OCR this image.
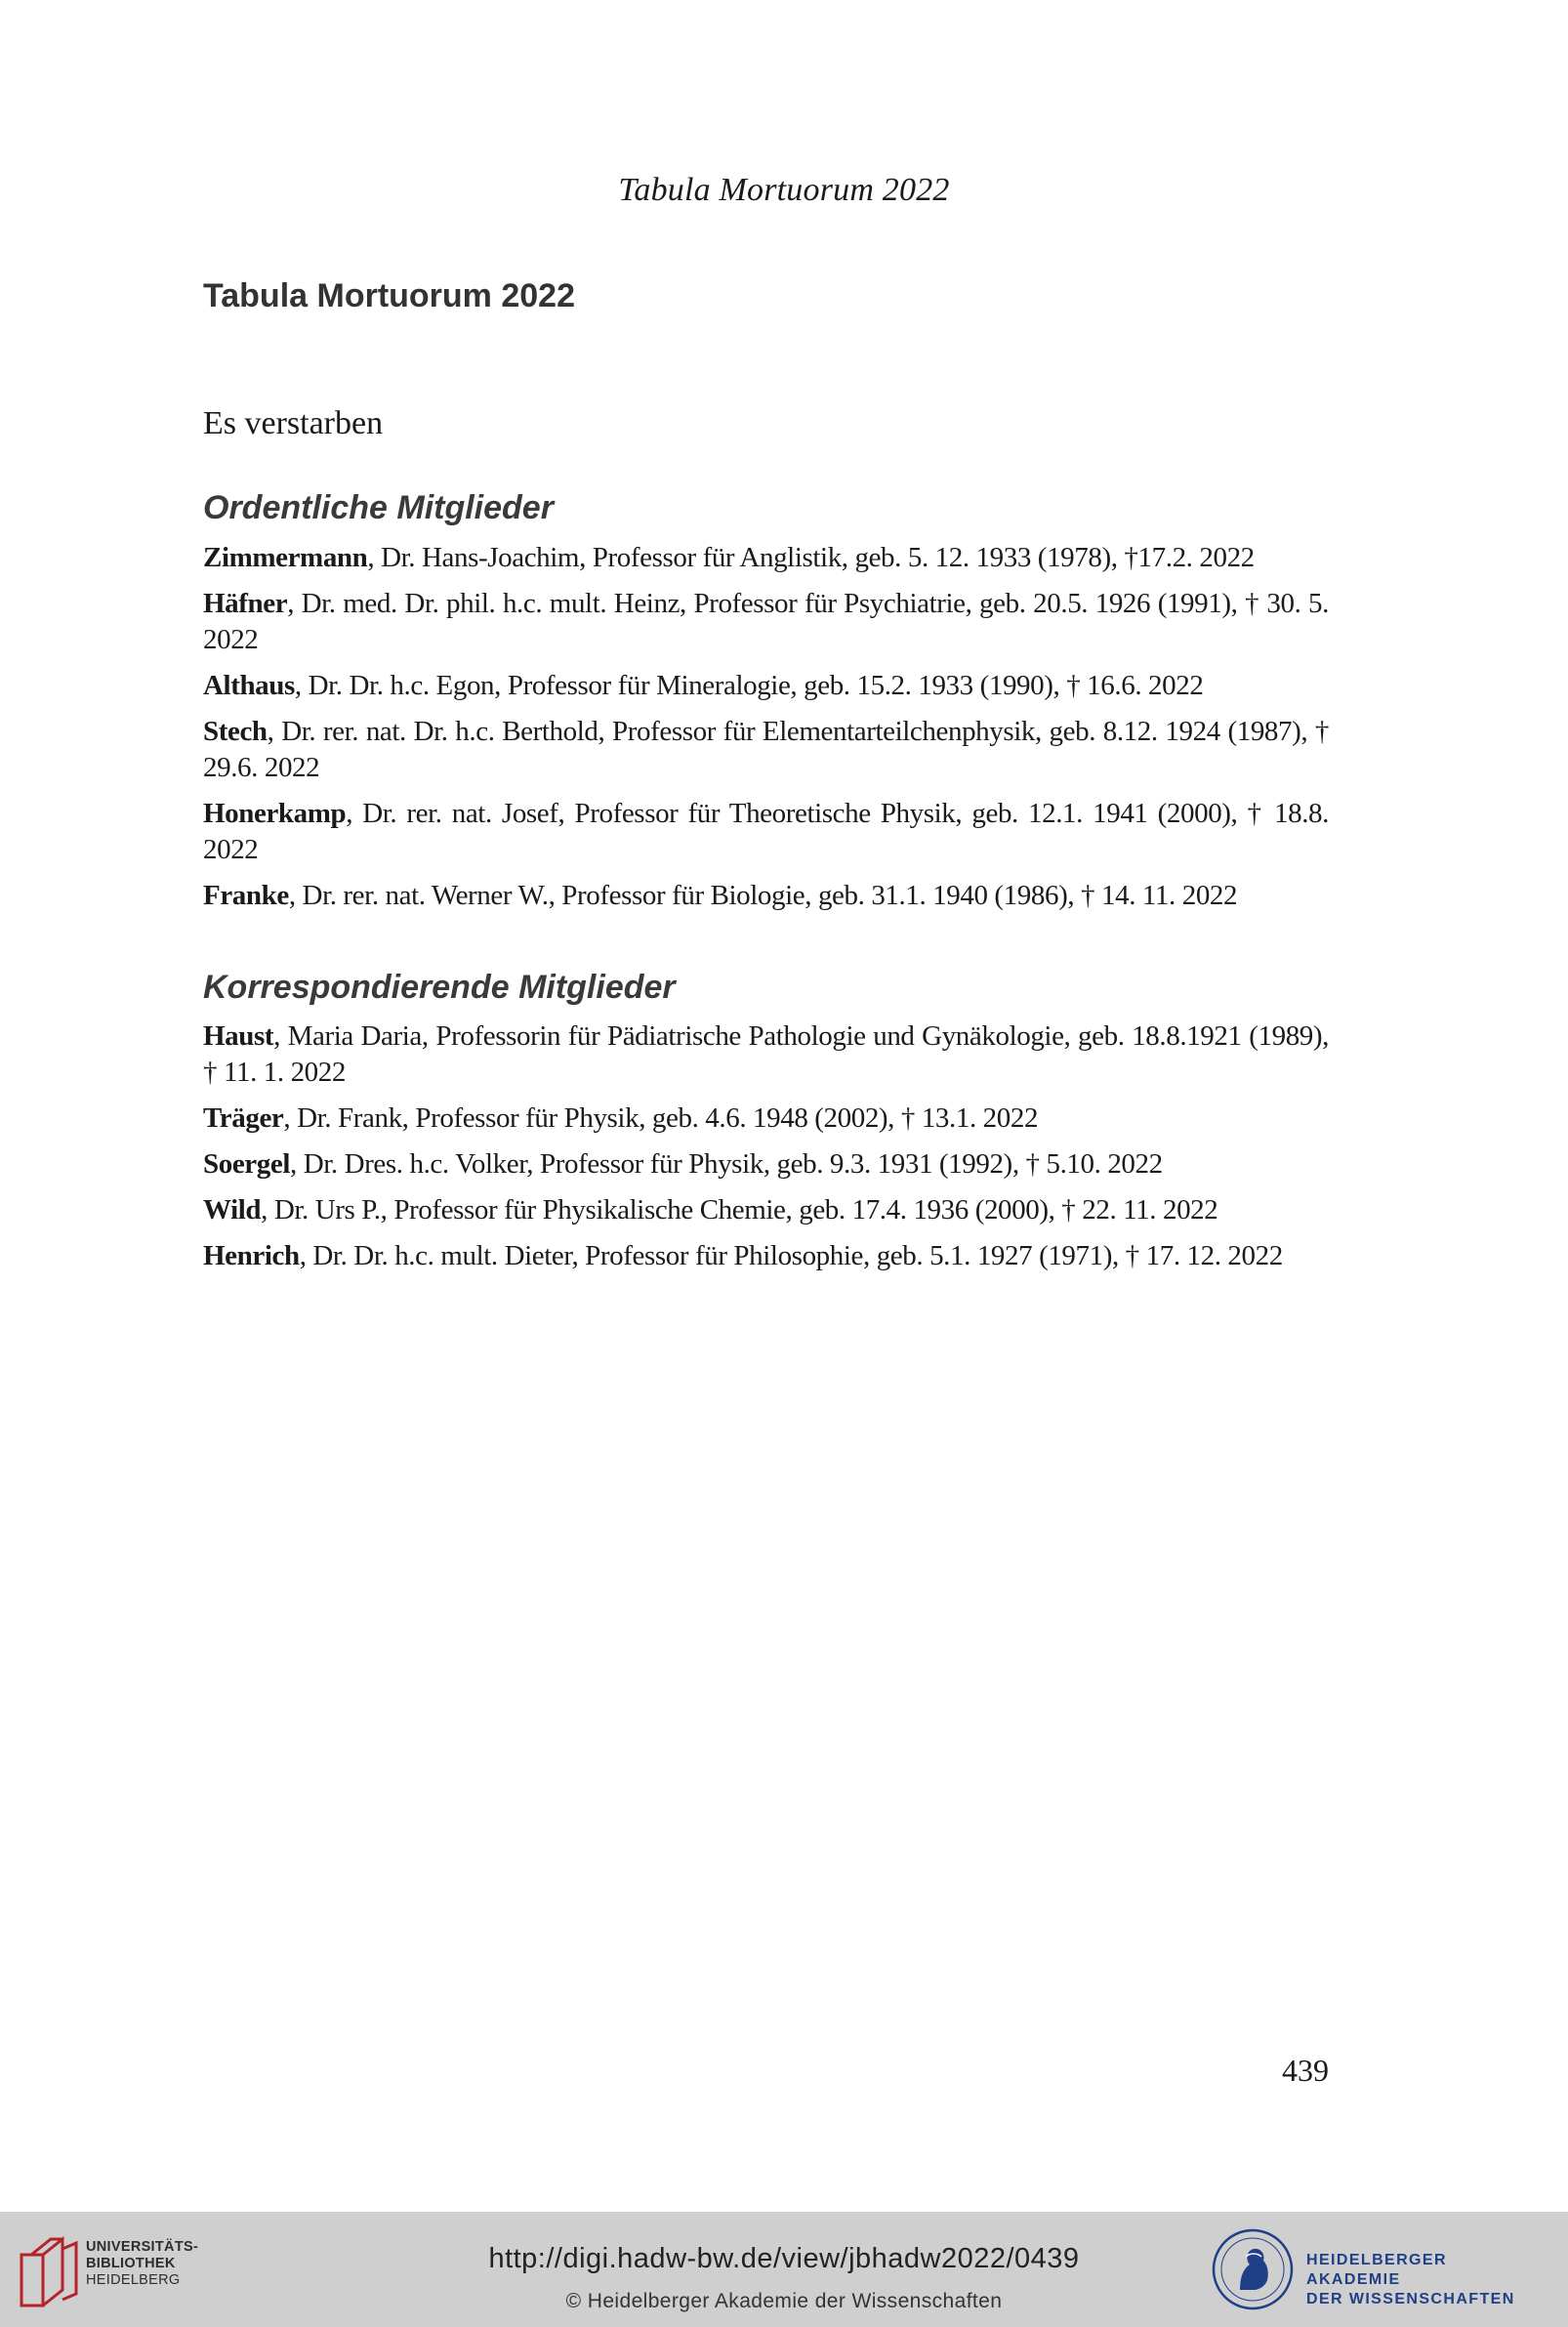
Tabula Mortuorum 2022
Tabula Mortuorum 2022
Es verstarben
Ordentliche Mitglieder
Zimmermann, Dr. Hans-Joachim, Professor für Anglistik, geb. 5. 12. 1933 (1978), †17.2. 2022
Häfner, Dr. med. Dr. phil. h.c. mult. Heinz, Professor für Psychiatrie, geb. 20.5. 1926 (1991), † 30. 5. 2022
Althaus, Dr. Dr. h.c. Egon, Professor für Mineralogie, geb. 15.2. 1933 (1990), † 16.6. 2022
Stech, Dr. rer. nat. Dr. h.c. Berthold, Professor für Elementarteilchenphysik, geb. 8.12. 1924 (1987), † 29.6. 2022
Honerkamp, Dr. rer. nat. Josef, Professor für Theoretische Physik, geb. 12.1. 1941 (2000), † 18.8. 2022
Franke, Dr. rer. nat. Werner W., Professor für Biologie, geb. 31.1. 1940 (1986), † 14. 11. 2022
Korrespondierende Mitglieder
Haust, Maria Daria, Professorin für Pädiatrische Pathologie und Gynäkologie, geb. 18.8.1921 (1989), † 11. 1. 2022
Träger, Dr. Frank, Professor für Physik, geb. 4.6. 1948 (2002), † 13.1. 2022
Soergel, Dr. Dres. h.c. Volker, Professor für Physik, geb. 9.3. 1931 (1992), † 5.10. 2022
Wild, Dr. Urs P., Professor für Physikalische Chemie, geb. 17.4. 1936 (2000), † 22. 11. 2022
Henrich, Dr. Dr. h.c. mult. Dieter, Professor für Philosophie, geb. 5.1. 1927 (1971), † 17. 12. 2022
439
UNIVERSITÄTS-
BIBLIOTHEK
HEIDELBERG
http://digi.hadw-bw.de/view/jbhadw2022/0439
© Heidelberger Akademie der Wissenschaften
HEIDELBERGER AKADEMIE
DER WISSENSCHAFTEN
